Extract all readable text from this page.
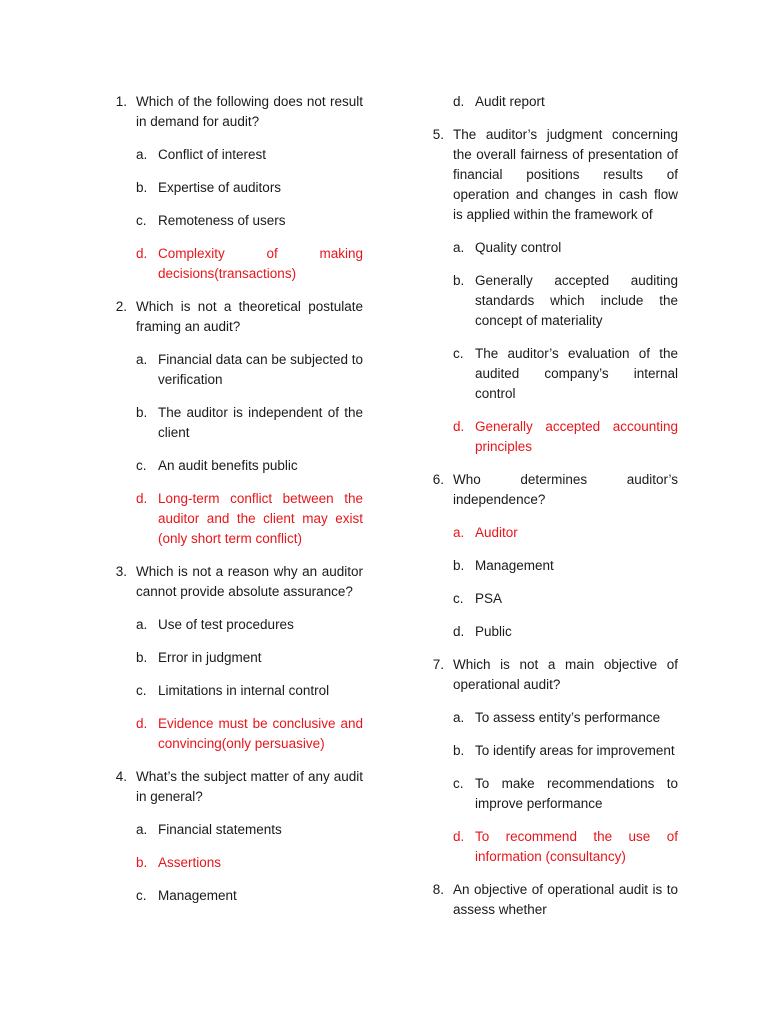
1. Which of the following does not result in demand for audit?
a. Conflict of interest
b. Expertise of auditors
c. Remoteness of users
d. Complexity of making decisions(transactions)
2. Which is not a theoretical postulate framing an audit?
a. Financial data can be subjected to verification
b. The auditor is independent of the client
c. An audit benefits public
d. Long-term conflict between the auditor and the client may exist (only short term conflict)
3. Which is not a reason why an auditor cannot provide absolute assurance?
a. Use of test procedures
b. Error in judgment
c. Limitations in internal control
d. Evidence must be conclusive and convincing(only persuasive)
4. What’s the subject matter of any audit in general?
a. Financial statements
b. Assertions
c. Management
d. Audit report
5. The auditor’s judgment concerning the overall fairness of presentation of financial positions results of operation and changes in cash flow is applied within the framework of
a. Quality control
b. Generally accepted auditing standards which include the concept of materiality
c. The auditor’s evaluation of the audited company’s internal control
d. Generally accepted accounting principles
6. Who determines auditor’s independence?
a. Auditor
b. Management
c. PSA
d. Public
7. Which is not a main objective of operational audit?
a. To assess entity’s performance
b. To identify areas for improvement
c. To make recommendations to improve performance
d. To recommend the use of information (consultancy)
8. An objective of operational audit is to assess whether
